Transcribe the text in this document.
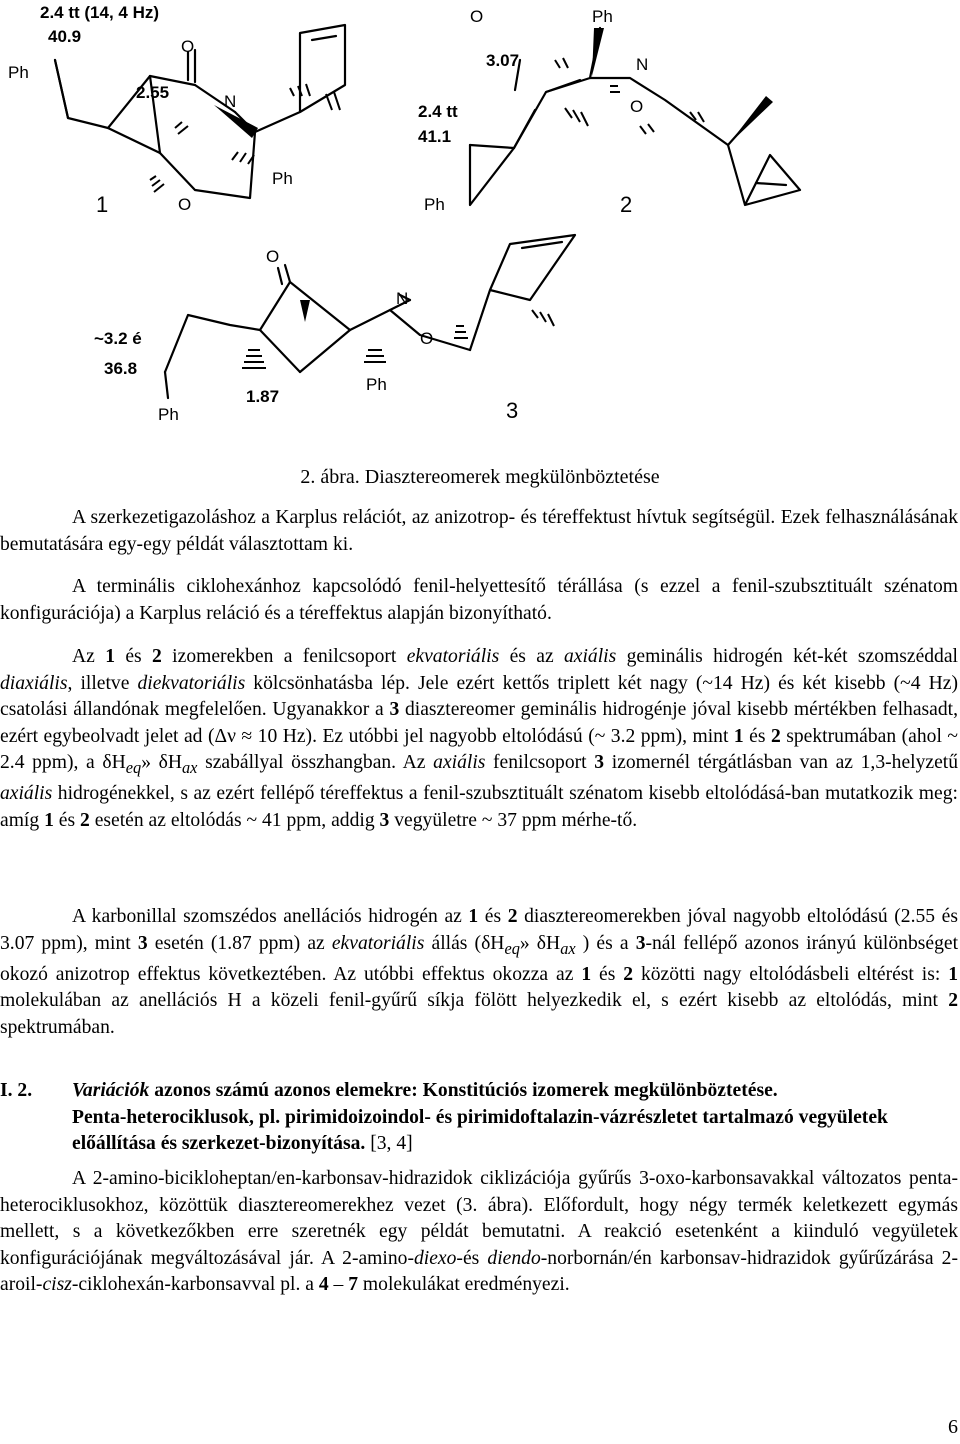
Ph
O
N
O
Ph
2.4 tt (14, 4 Hz)
40.9
2.55
1
O	Ph
N
O
Ph
3.07
2.4 tt
41.1
2
O
N
O
Ph
Ph
~3.2 é
36.8
1.87
3
2. ábra. Diasztereomerek megkülönböztetése

A szerkezetigazoláshoz a Karplus relációt, az anizotrop- és téreffektust hívtuk segítségül. Ezek felhasználásának bemutatására egy-egy példát választottam ki.

A terminális ciklohexánhoz kapcsolódó fenil-helyettesítő térállása (s ezzel a fenil-szubsztituált szénatom konfigurációja) a Karplus reláció és a téreffektus alapján bizonyítható.

Az 1 és 2 izomerekben a fenilcsoport ekvatoriális és az axiális geminális hidrogén két-két szomszéddal diaxiális, illetve diekvatoriális kölcsönhatásba lép. Jele ezért kettős triplett két nagy (~14 Hz) és két kisebb (~4 Hz) csatolási állandónak megfelelően. Ugyanakkor a 3 diasztereomer geminális hidrogénje jóval kisebb mértékben felhasadt, ezért egybeolvadt jelet ad (Δν ≈ 10 Hz). Ez utóbbi jel nagyobb eltolódású (~ 3.2 ppm), mint 1 és 2 spektrumában (ahol ~ 2.4 ppm), a $\delta H_{eq}$» $\delta H_{ax}$ szabállyal összhangban. Az axiális fenilcsoport 3 izomernél térgátlásban van az 1,3-helyzetű axiális hidrogénekkel, s az ezért fellépő téreffektus a fenil-szubsztituált szénatom kisebb eltolódásá-ban mutatkozik meg: amíg 1 és 2 esetén az eltolódás ~ 41 ppm, addig 3 vegyületre ~ 37 ppm mérhe-tő.

A karbonillal szomszédos anellációs hidrogén az 1 és 2 diasztereomerekben jóval nagyobb eltolódású (2.55 és 3.07 ppm), mint 3 esetén (1.87 ppm) az ekvatoriális állás ($\delta H_{eq}$» $\delta H_{ax}$ ) és a 3-nál fellépő azonos irányú különbséget okozó anizotrop effektus következtében. Az utóbbi effektus okozza az 1 és 2 közötti nagy eltolódásbeli eltérést is: 1 molekulában az anellációs H a közeli fenil-gyűrű síkja fölött helyezkedik el, s ezért kisebb az eltolódás, mint 2 spektrumában.

I. 2. Variációk azonos számú azonos elemekre: Konstitúciós izomerek megkülönböztetése.
Penta-heterociklusok, pl. pirimidoizoindol- és pirimidoftalazin-vázrészletet tartalmazó vegyületek előállítása és szerkezet-bizonyítása. [3, 4]

A 2-amino-bicikloheptan/en-karbonsav-hidrazidok ciklizációja gyűrűs 3-oxo-karbonsavakkal változatos penta-heterociklusokhoz, közöttük diasztereomerekhez vezet (3. ábra). Előfordult, hogy négy termék keletkezett egymás mellett, s a következőkben erre szeretnék egy példát bemutatni. A reakció esetenként a kiinduló vegyületek konfigurációjának megváltozásával jár. A 2-amino-diexo-és diendo-norbornán/én karbonsav-hidrazidok gyűrűzárása 2-aroil-cisz-ciklohexán-karbonsavval pl. a 4 – 7 molekulákat eredményezi.

6
